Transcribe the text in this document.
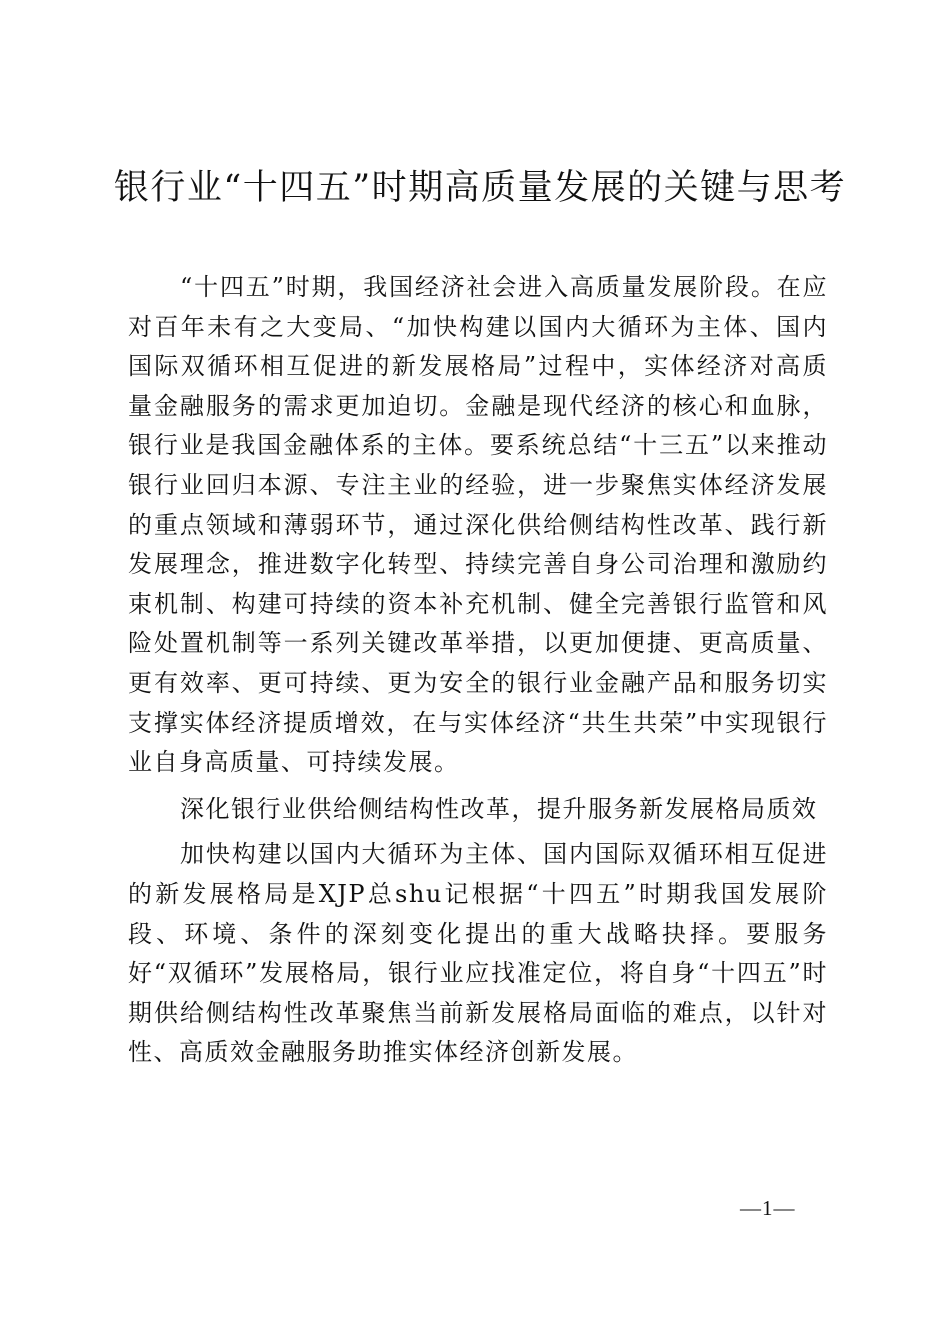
银行业“十四五”时期高质量发展的关键与思考

“十四五”时期，我国经济社会进入高质量发展阶段。在应对百年未有之大变局、“加快构建以国内大循环为主体、国内国际双循环相互促进的新发展格局”过程中，实体经济对高质量金融服务的需求更加迫切。金融是现代经济的核心和血脉，银行业是我国金融体系的主体。要系统总结“十三五”以来推动银行业回归本源、专注主业的经验，进一步聚焦实体经济发展的重点领域和薄弱环节，通过深化供给侧结构性改革、践行新发展理念，推进数字化转型、持续完善自身公司治理和激励约束机制、构建可持续的资本补充机制、健全完善银行监管和风险处置机制等一系列关键改革举措，以更加便捷、更高质量、更有效率、更可持续、更为安全的银行业金融产品和服务切实支撑实体经济提质增效，在与实体经济“共生共荣”中实现银行业自身高质量、可持续发展。

深化银行业供给侧结构性改革，提升服务新发展格局质效

加快构建以国内大循环为主体、国内国际双循环相互促进的新发展格局是XJP总shu记根据“十四五”时期我国发展阶段、环境、条件的深刻变化提出的重大战略抉择。要服务好“双循环”发展格局，银行业应找准定位，将自身“十四五”时期供给侧结构性改革聚焦当前新发展格局面临的难点，以针对性、高质效金融服务助推实体经济创新发展。

—1—
